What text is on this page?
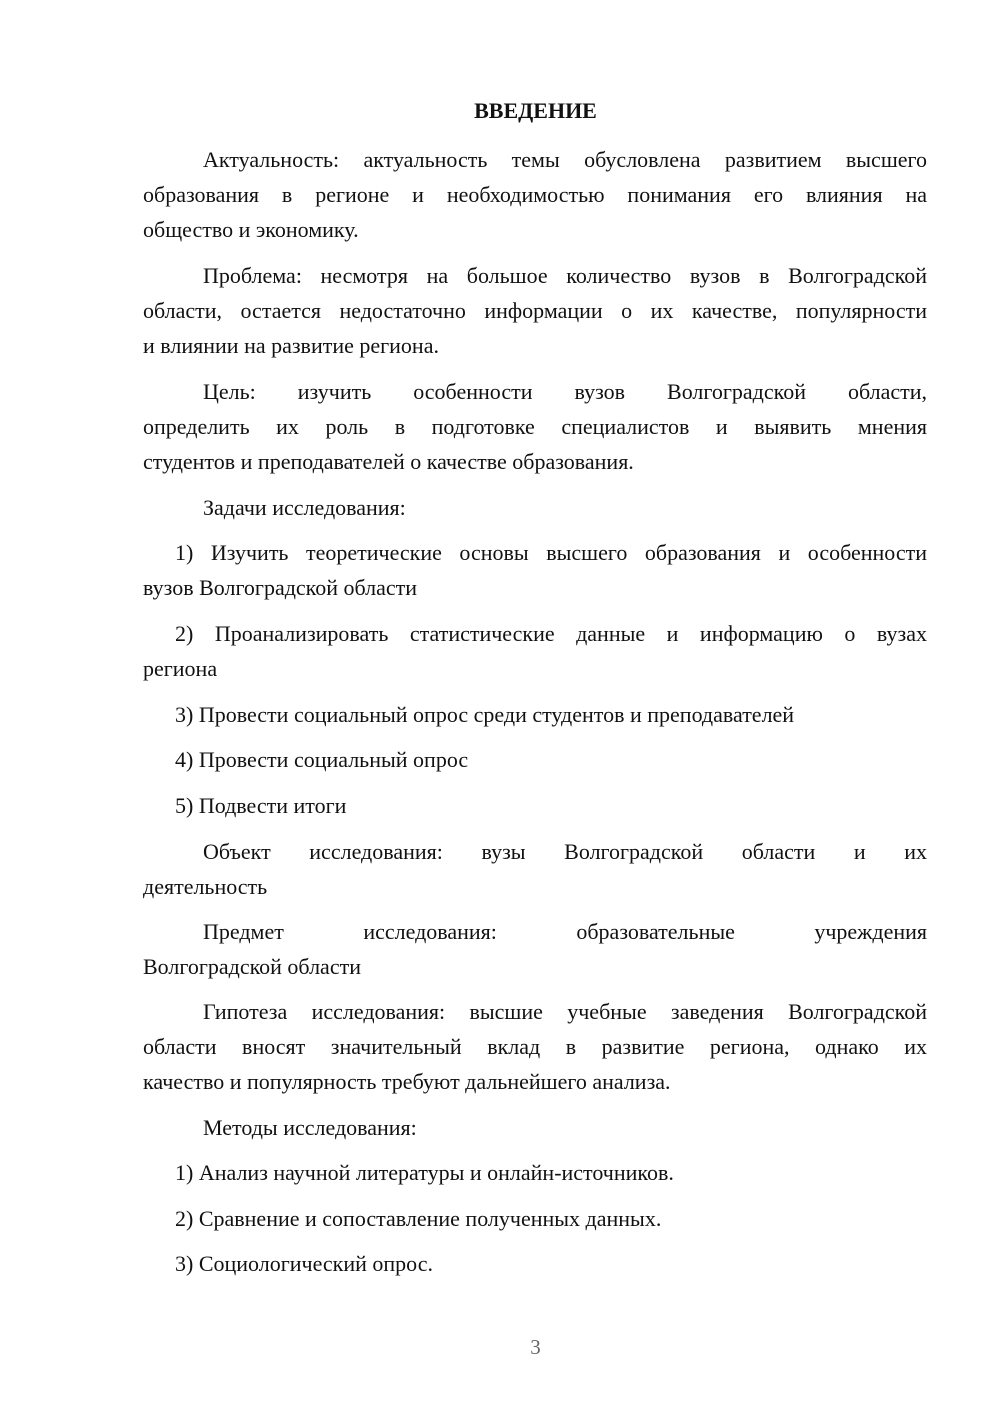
ВВЕДЕНИЕ

Актуальность: актуальность темы обусловлена развитием высшего

образования в регионе и необходимостью понимания его влияния на

общество и экономику.

Проблема: несмотря на большое количество вузов в Волгоградской

области, остается недостаточно информации о их качестве, популярности

и влиянии на развитие региона.

Цель: изучить особенности вузов Волгоградской области,

определить их роль в подготовке специалистов и выявить мнения

студентов и преподавателей о качестве образования.

Задачи исследования:

1) Изучить теоретические основы высшего образования и особенности

вузов Волгоградской области

2) Проанализировать статистические данные и информацию о вузах

региона

3) Провести социальный опрос среди студентов и преподавателей

4) Провести социальный опрос

5) Подвести итоги

Объект исследования: вузы Волгоградской области и их

деятельность

Предмет исследования: образовательные учреждения

Волгоградской области

Гипотеза исследования: высшие учебные заведения Волгоградской

области вносят значительный вклад в развитие региона, однако их

качество и популярность требуют дальнейшего анализа.

Методы исследования:

1) Анализ научной литературы и онлайн-источников.

2) Сравнение и сопоставление полученных данных.

3) Социологический опрос.

3
